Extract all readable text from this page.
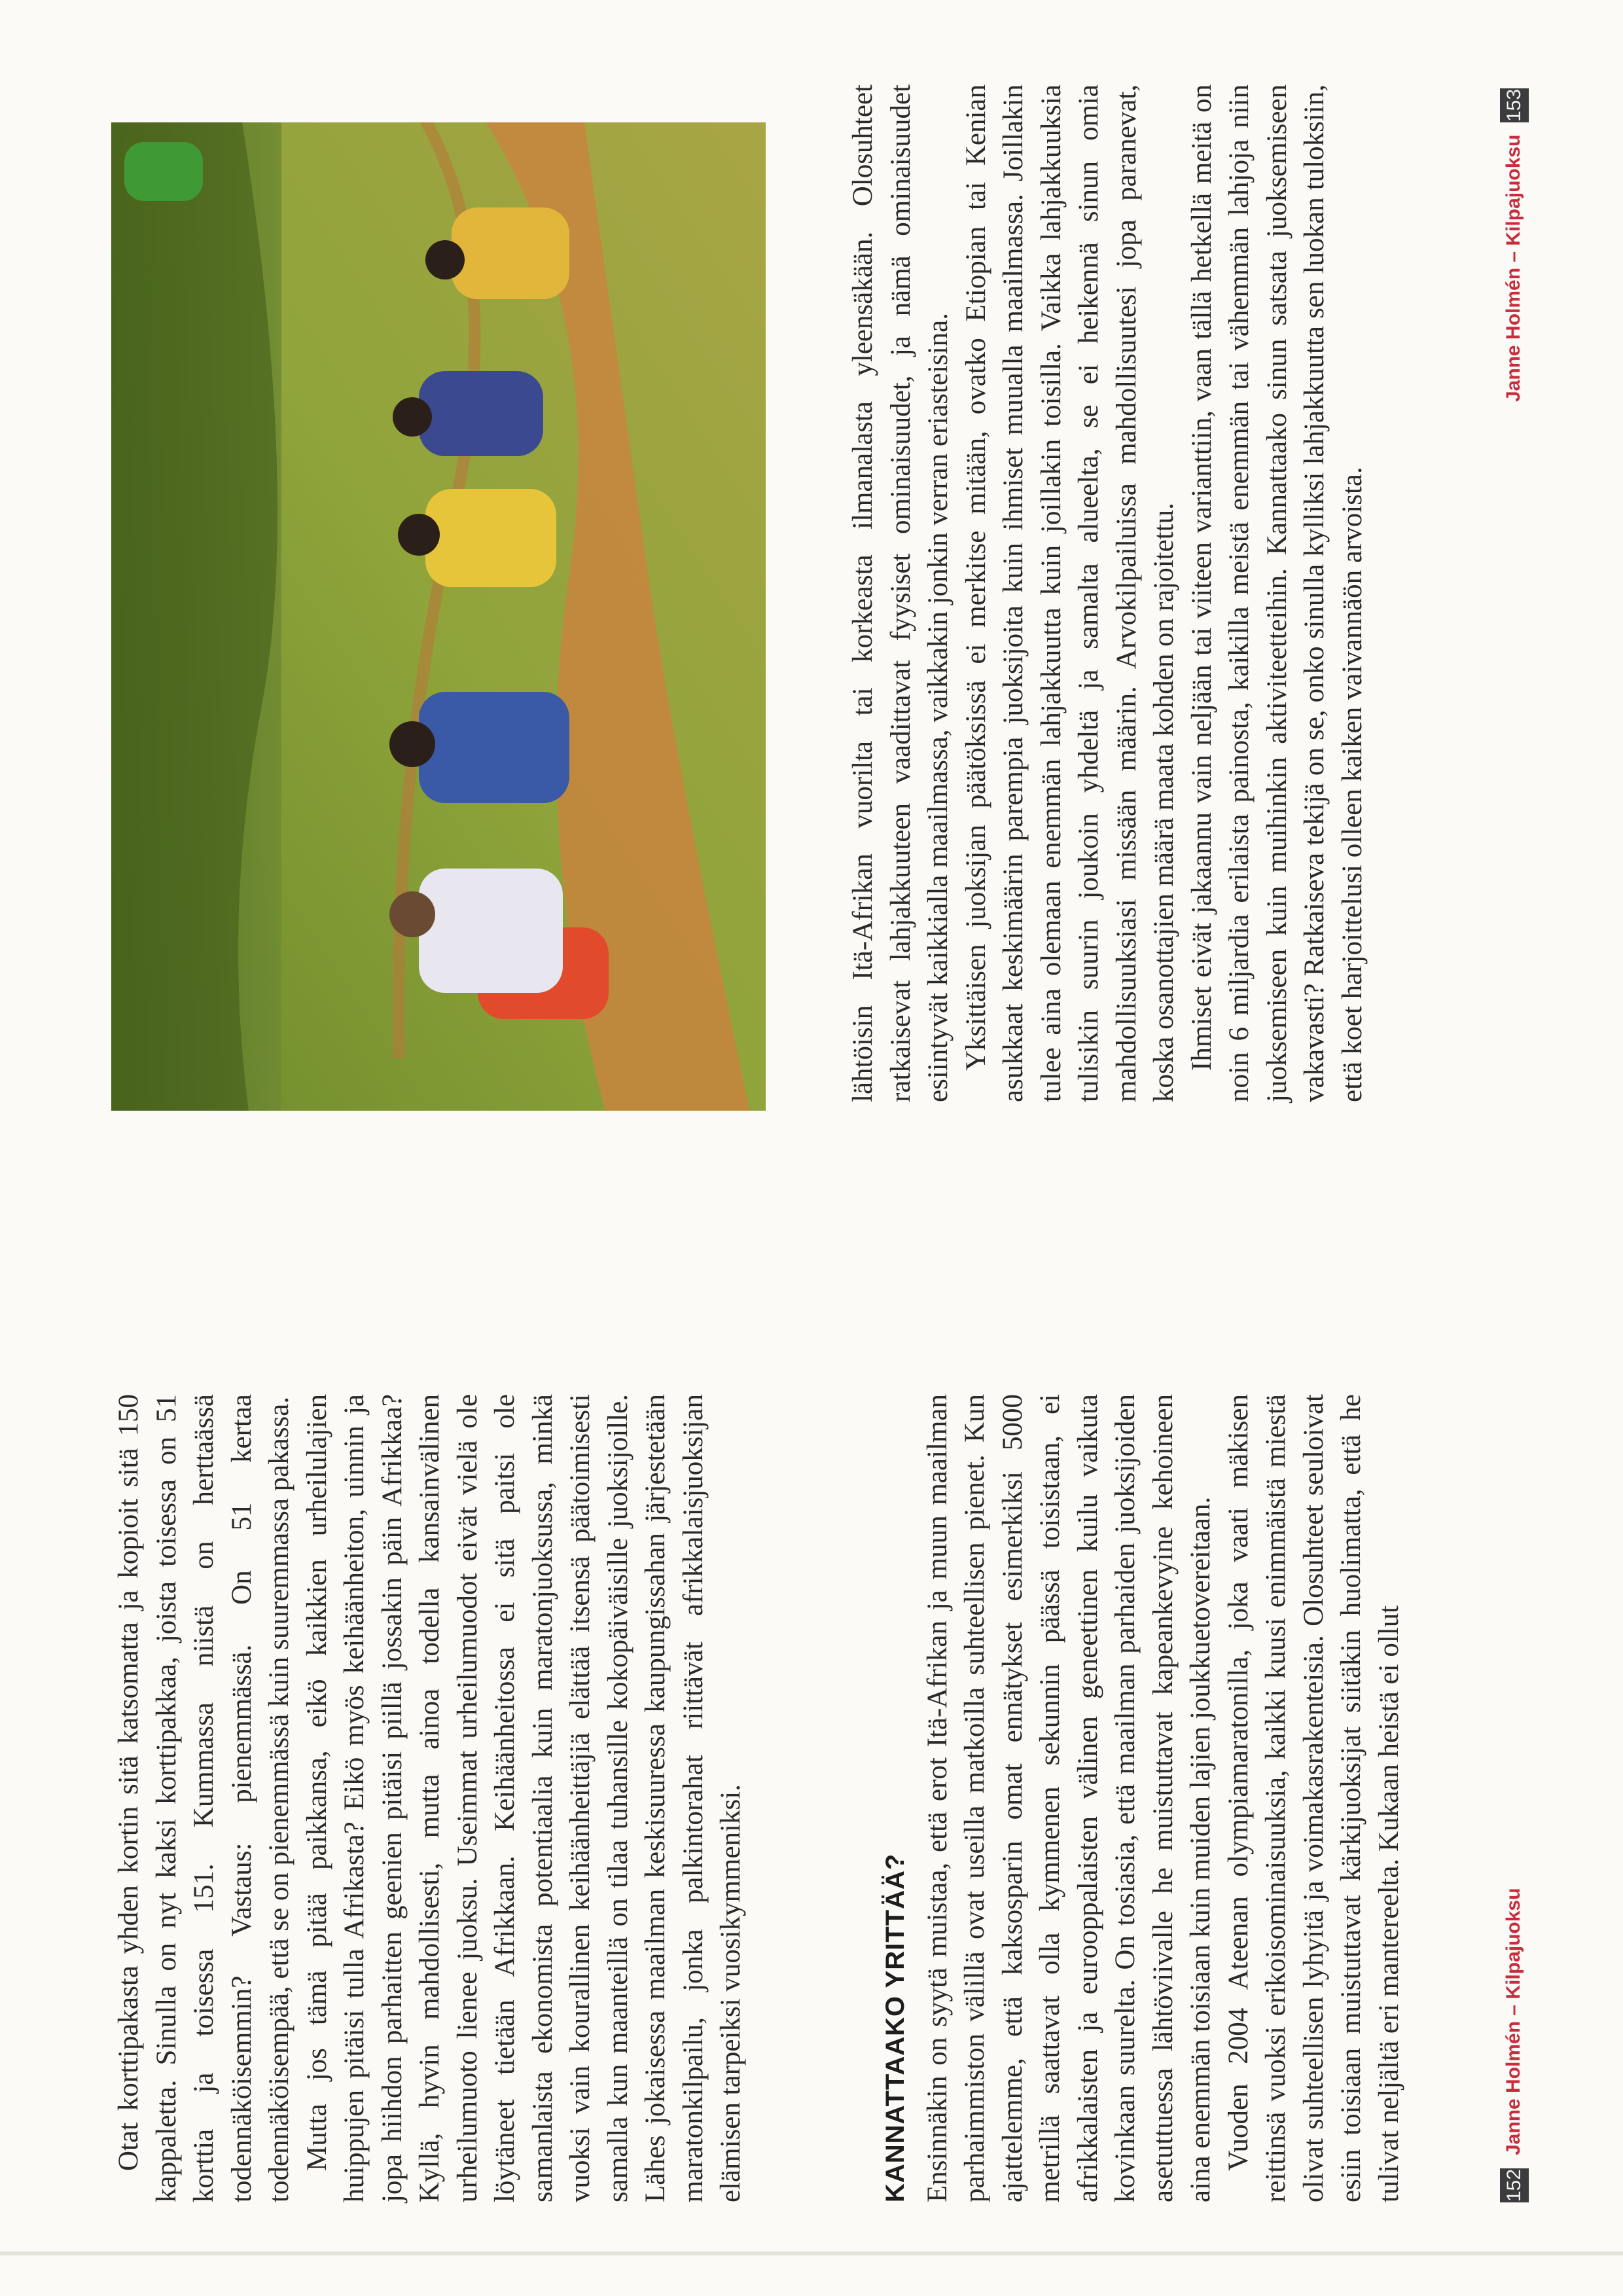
Otat korttipakasta yhden kortin sitä katsomatta ja kopioit sitä 150 kappaletta. Sinulla on nyt kaksi korttipakkaa, joista toisessa on 51 korttia ja toisessa 151. Kummassa niistä on herttaässä todennäköisemmin? Vastaus: pienemmässä. On 51 kertaa todennäköisempää, että se on pienemmässä kuin suuremmassa pakassa. Mutta jos tämä pitää paikkansa, eikö kaikkien urheilulajien huippujen pitäisi tulla Afrikasta? Eikö myös keihäänheiton, uinnin ja jopa hiihdon parhaitten geenien pitäisi piillä jossakin päin Afrikkaa? Kyllä, hyvin mahdollisesti, mutta ainoa todella kansainvälinen urheilumuoto lienee juoksu. Useimmat urheilumuodot eivät vielä ole löytäneet tietään Afrikkaan. Keihäänheitossa ei sitä paitsi ole samanlaista ekonomista potentiaalia kuin maratonjuoksussa, minkä vuoksi vain kourallinen keihäänheittäjiä elättää itsensä päätoimisesti samalla kun maanteillä on tilaa tuhansille kokopäiväisille juoksijoille. Lähes jokaisessa maailman keskisuuressa kaupungissahan järjestetään maratonkilpailu, jonka palkintorahat riittävät afrikkalaisjuoksijan elämisen tarpeiksi vuosikymmeniksi.	KANNATTAAKO YRITTÄÄ? Ensinnäkin on syytä muistaa, että erot Itä-Afrikan ja muun maailman parhaimmiston välillä ovat useilla matkoilla suhteellisen pienet. Kun ajattelemme, että kaksosparin omat ennätykset esimerkiksi 5000 metrillä saattavat olla kymmenen sekunnin päässä toisistaan, ei afrikkalaisten ja eurooppalaisten välinen geneettinen kuilu vaikuta kovinkaan suurelta. On tosiasia, että maailman parhaiden juoksijoiden asetuttuessa lähtöviivalle he muistuttavat kapeankevyine kehoineen aina enemmän toisiaan kuin muiden lajien joukkuetovereitaan. Vuoden 2004 Ateenan olympiamaratonilla, joka vaati mäkisen reittinsä vuoksi erikoisominaisuuksia, kaikki kuusi enimmäistä miestä olivat suhteellisen lyhyitä ja voimakasrakenteisia. Olosuhteet seuloivat esiin toisiaan muistuttavat kärkijuoksijat siitäkin huolimatta, että he tulivat neljältä eri mantereelta. Kukaan heistä ei ollut	152
Janne Holmén – Kilpajuoksu

lähtöisin Itä-Afrikan vuorilta tai korkeasta ilmanalasta yleensäkään. Olosuhteet ratkaisevat lahjakkuuteen vaadittavat fyysiset ominaisuudet, ja nämä ominaisuudet esiintyvät kaikkialla maailmassa, vaikkakin jonkin verran eriasteisina. Yksittäisen juoksijan päätöksissä ei merkitse mitään, ovatko Etiopian tai Kenian asukkaat keskimäärin parempia juoksijoita kuin ihmiset muualla maailmassa. Joillakin tulee aina olemaan enemmän lahjakkuutta kuin joillakin toisilla. Vaikka lahjakkuuksia tulisikin suurin joukoin yhdeltä ja samalta alueelta, se ei heikennä sinun omia mahdollisuuksiasi missään määrin. Arvokilpailuissa mahdollisuutesi jopa paranevat, koska osanottajien määrä maata kohden on rajoitettu. Ihmiset eivät jakaannu vain neljään tai viiteen varianttiin, vaan tällä hetkellä meitä on noin 6 miljardia erilaista painosta, kaikilla meistä enemmän tai vähemmän lahjoja niin juoksemiseen kuin muihinkin aktiviteetteihin. Kannattaako sinun satsata juoksemiseen vakavasti? Ratkaiseva tekijä on se, onko sinulla kylliksi lahjakkuutta sen luokan tuloksiin, että koet harjoittelusi olleen kaiken vaivannäön arvoista.

Janne Holmén – Kilpajuoksu
153
